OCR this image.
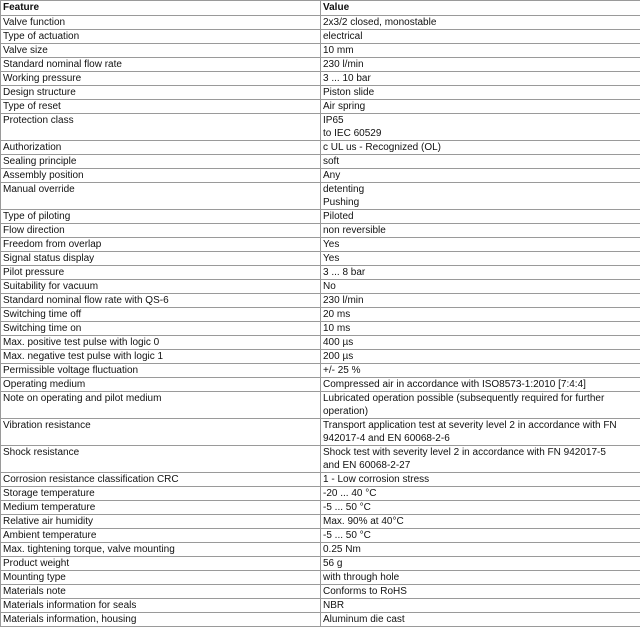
Feature	Value
Valve function	2x3/2 closed, monostable

Type of actuation	electrical

Valve size	10 mm

Standard nominal flow rate	230 l/min

Working pressure	3 ... 10 bar

Design structure	Piston slide

Type of reset	Air spring

Protection class	IP65
to IEC 60529

Authorization	c UL us - Recognized (OL)

Sealing principle	soft

Assembly position	Any

Manual override	detenting
Pushing

Type of piloting	Piloted

Flow direction	non reversible

Freedom from overlap	Yes

Signal status display	Yes

Pilot pressure	3 ... 8 bar

Suitability for vacuum	No

Standard nominal flow rate with QS-6	230 l/min

Switching time off	20 ms

Switching time on	10 ms

Max. positive test pulse with logic 0	400 µs

Max. negative test pulse with logic 1	200 µs

Permissible voltage fluctuation	+/- 25 %

Operating medium	Compressed air in accordance with ISO8573-1:2010 [7:4:4]

Note on operating and pilot medium	Lubricated operation possible (subsequently required for further
operation)

Vibration resistance	Transport application test at severity level 2 in accordance with FN
942017-4 and EN 60068-2-6

Shock resistance	Shock test with severity level 2 in accordance with FN 942017-5
and EN 60068-2-27

Corrosion resistance classification CRC	1 - Low corrosion stress

Storage temperature	-20 ... 40 °C

Medium temperature	-5 ... 50 °C

Relative air humidity	Max. 90% at 40°C

Ambient temperature	-5 ... 50 °C

Max. tightening torque, valve mounting	0.25 Nm

Product weight	56 g

Mounting type	with through hole

Materials note	Conforms to RoHS

Materials information for seals	NBR

Materials information, housing	Aluminum die cast
